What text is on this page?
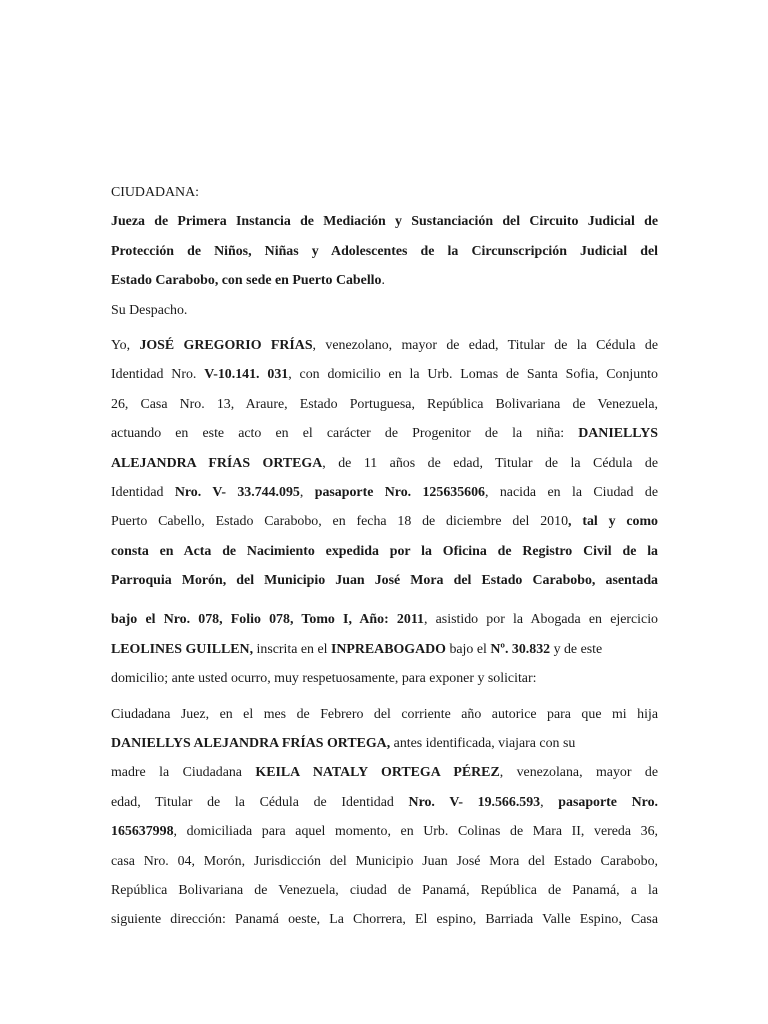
CIUDADANA:
Jueza de Primera Instancia de Mediación y Sustanciación del Circuito Judicial de
Protección de Niños, Niñas y Adolescentes de la Circunscripción Judicial del
Estado Carabobo, con sede en Puerto Cabello.
Su Despacho.
Yo, JOSÉ GREGORIO FRÍAS, venezolano, mayor de edad, Titular de la Cédula de
Identidad Nro. V-10.141. 031, con domicilio en la Urb. Lomas de Santa Sofia, Conjunto
26, Casa Nro. 13, Araure, Estado Portuguesa, República Bolivariana de Venezuela,
actuando en este acto en el carácter de Progenitor de la niña: DANIELLYS
ALEJANDRA FRÍAS ORTEGA, de 11 años de edad, Titular de la Cédula de
Identidad Nro. V- 33.744.095, pasaporte Nro. 125635606, nacida en la Ciudad de
Puerto Cabello, Estado Carabobo, en fecha 18 de diciembre del 2010, tal y como
consta en Acta de Nacimiento expedida por la Oficina de Registro Civil de la
Parroquia Morón, del Municipio Juan José Mora del Estado Carabobo, asentada
bajo el Nro. 078, Folio 078, Tomo I, Año: 2011, asistido por la Abogada en ejercicio
LEOLINES GUILLEN, inscrita en el INPREABOGADO bajo el Nº. 30.832 y de este
domicilio; ante usted ocurro, muy respetuosamente, para exponer y solicitar:
Ciudadana Juez, en el mes de Febrero del corriente año autorice para que mi hija
DANIELLYS ALEJANDRA FRÍAS ORTEGA, antes identificada, viajara con su
madre la Ciudadana KEILA NATALY ORTEGA PÉREZ, venezolana, mayor de
edad, Titular de la Cédula de Identidad Nro. V- 19.566.593, pasaporte Nro.
165637998, domiciliada para aquel momento, en Urb. Colinas de Mara II, vereda 36,
casa Nro. 04, Morón, Jurisdicción del Municipio Juan José Mora del Estado Carabobo,
República Bolivariana de Venezuela, ciudad de Panamá, República de Panamá, a la
siguiente dirección: Panamá oeste, La Chorrera, El espino, Barriada Valle Espino, Casa
